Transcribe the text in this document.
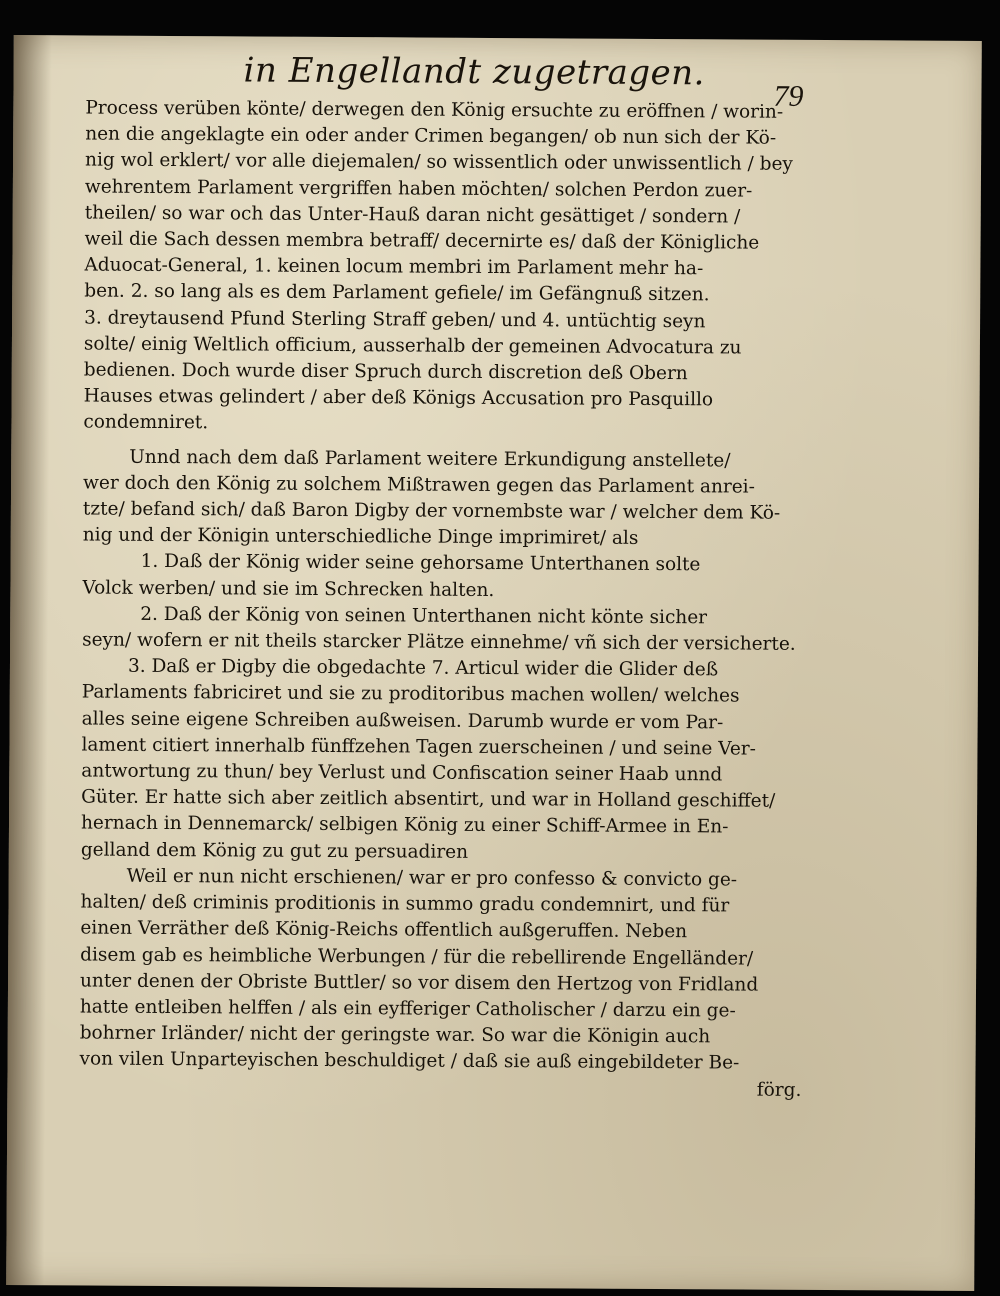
in Engellandt zugetragen.
79
Process verüben könte/ derwegen den König ersuchte zu eröffnen / worin-
nen die angeklagte ein oder ander Crimen begangen/ ob nun sich der Kö-
nig wol erklert/ vor alle diejemalen/ so wissentlich oder unwissentlich / bey
wehrentem Parlament vergriffen haben möchten/ solchen Perdon zuer-
theilen/ so war och das Unter-Hauß daran nicht gesättiget / sondern /
weil die Sach dessen membra betraff/ decernirte es/ daß der Königliche
Aduocat-General, 1. keinen locum membri im Parlament mehr ha-
ben. 2. so lang als es dem Parlament gefiele/ im Gefängnuß sitzen.
3. dreytausend Pfund Sterling Straff geben/ und 4. untüchtig seyn
solte/ einig Weltlich officium, ausserhalb der gemeinen Advocatura zu
bedienen. Doch wurde diser Spruch durch discretion deß Obern
Hauses etwas gelindert / aber deß Königs Accusation pro Pasquillo
condemniret.
Unnd nach dem daß Parlament weitere Erkundigung anstellete/
wer doch den König zu solchem Mißtrawen gegen das Parlament anrei-
tzte/ befand sich/ daß Baron Digby der vornembste war / welcher dem Kö-
nig und der Königin unterschiedliche Dinge imprimiret/ als
1. Daß der König wider seine gehorsame Unterthanen solte
Volck werben/ und sie im Schrecken halten.
2. Daß der König von seinen Unterthanen nicht könte sicher
seyn/ wofern er nit theils starcker Plätze einnehme/ vñ sich der versicherte.
3. Daß er Digby die obgedachte 7. Articul wider die Glider deß
Parlaments fabriciret und sie zu proditoribus machen wollen/ welches
alles seine eigene Schreiben außweisen. Darumb wurde er vom Par-
lament citiert innerhalb fünffzehen Tagen zuerscheinen / und seine Ver-
antwortung zu thun/ bey Verlust und Confiscation seiner Haab unnd
Güter. Er hatte sich aber zeitlich absentirt, und war in Holland geschiffet/
hernach in Dennemarck/ selbigen König zu einer Schiff-Armee in En-
gelland dem König zu gut zu persuadiren
Weil er nun nicht erschienen/ war er pro confesso & convicto ge-
halten/ deß criminis proditionis in summo gradu condemnirt, und für
einen Verräther deß König-Reichs offentlich außgeruffen. Neben
disem gab es heimbliche Werbungen / für die rebellirende Engelländer/
unter denen der Obriste Buttler/ so vor disem den Hertzog von Fridland
hatte entleiben helffen / als ein eyfferiger Catholischer / darzu ein ge-
bohrner Irländer/ nicht der geringste war. So war die Königin auch
von vilen Unparteyischen beschuldiget / daß sie auß eingebildeter Be-
förg.
